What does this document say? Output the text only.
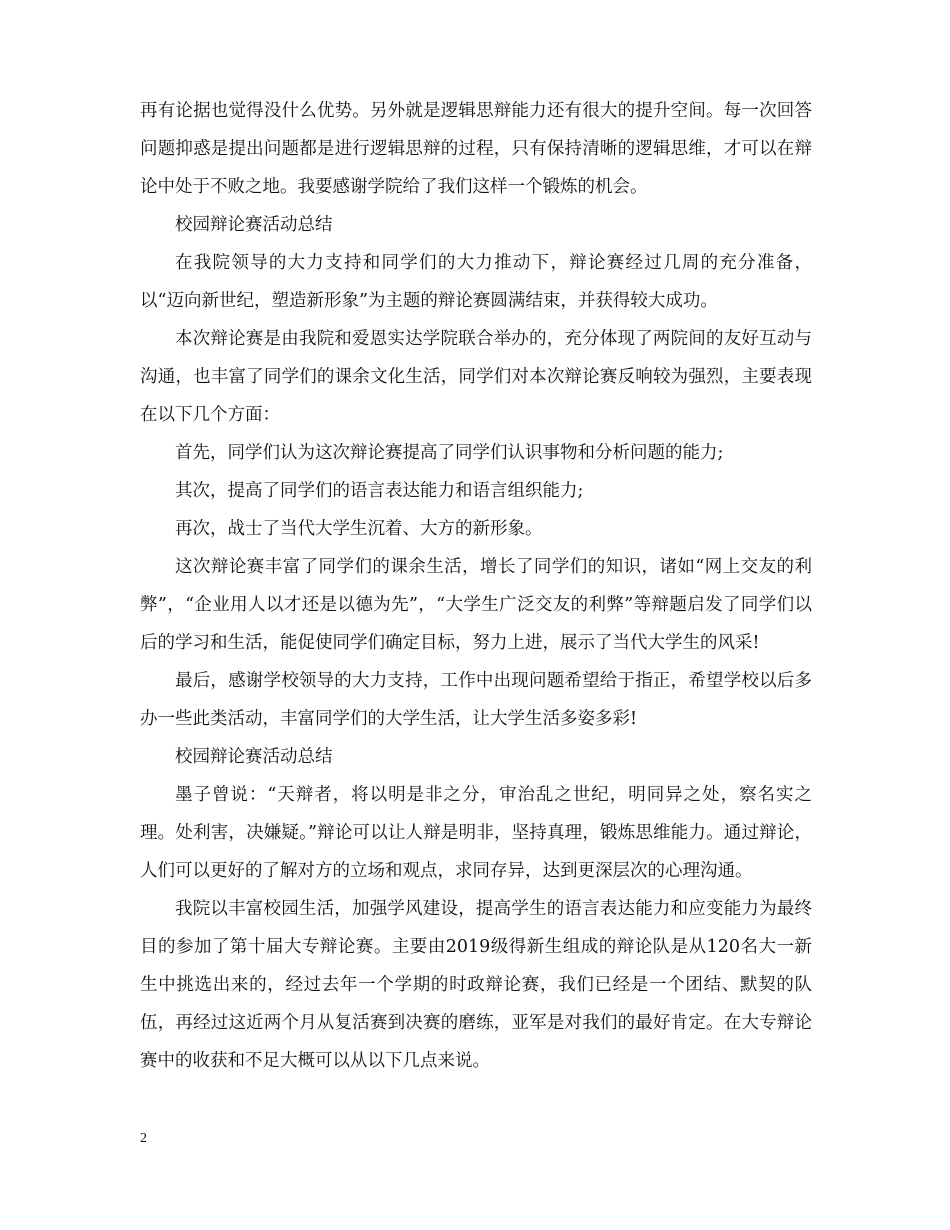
再有论据也觉得没什么优势。另外就是逻辑思辩能力还有很大的提升空间。每一次回答问题抑惑是提出问题都是进行逻辑思辩的过程，只有保持清晰的逻辑思维，才可以在辩论中处于不败之地。我要感谢学院给了我们这样一个锻炼的机会。

校园辩论赛活动总结

在我院领导的大力支持和同学们的大力推动下，辩论赛经过几周的充分准备，以“迈向新世纪，塑造新形象”为主题的辩论赛圆满结束，并获得较大成功。

本次辩论赛是由我院和爱恩实达学院联合举办的，充分体现了两院间的友好互动与沟通，也丰富了同学们的课余文化生活，同学们对本次辩论赛反响较为强烈，主要表现在以下几个方面：

首先，同学们认为这次辩论赛提高了同学们认识事物和分析问题的能力;

其次，提高了同学们的语言表达能力和语言组织能力;

再次，战士了当代大学生沉着、大方的新形象。

这次辩论赛丰富了同学们的课余生活，增长了同学们的知识，诸如“网上交友的利弊”，“企业用人以才还是以德为先”，“大学生广泛交友的利弊”等辩题启发了同学们以后的学习和生活，能促使同学们确定目标，努力上进，展示了当代大学生的风采!

最后，感谢学校领导的大力支持，工作中出现问题希望给于指正，希望学校以后多办一些此类活动，丰富同学们的大学生活，让大学生活多姿多彩!

校园辩论赛活动总结

墨子曾说：“天辩者，将以明是非之分，审治乱之世纪，明同异之处，察名实之理。处利害，决嫌疑。”辩论可以让人辩是明非，坚持真理，锻炼思维能力。通过辩论，人们可以更好的了解对方的立场和观点，求同存异，达到更深层次的心理沟通。

我院以丰富校园生活，加强学风建设，提高学生的语言表达能力和应变能力为最终目的参加了第十届大专辩论赛。主要由2019级得新生组成的辩论队是从120名大一新生中挑选出来的，经过去年一个学期的时政辩论赛，我们已经是一个团结、默契的队伍，再经过这近两个月从复活赛到决赛的磨练，亚军是对我们的最好肯定。在大专辩论赛中的收获和不足大概可以从以下几点来说。

2
